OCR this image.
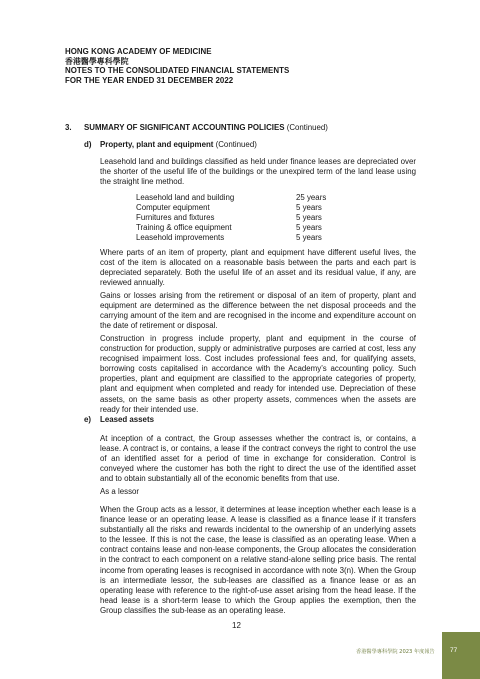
HONG KONG ACADEMY OF MEDICINE
香港醫學專科學院
NOTES TO THE CONSOLIDATED FINANCIAL STATEMENTS
FOR THE YEAR ENDED 31 DECEMBER 2022
3. SUMMARY OF SIGNIFICANT ACCOUNTING POLICIES (Continued)
d) Property, plant and equipment (Continued)
Leasehold land and buildings classified as held under finance leases are depreciated over the shorter of the useful life of the buildings or the unexpired term of the land lease using the straight line method.
Leasehold land and building	25 years
Computer equipment	5 years
Furnitures and fixtures	5 years
Training & office equipment	5 years
Leasehold improvements	5 years
Where parts of an item of property, plant and equipment have different useful lives, the cost of the item is allocated on a reasonable basis between the parts and each part is depreciated separately. Both the useful life of an asset and its residual value, if any, are reviewed annually.
Gains or losses arising from the retirement or disposal of an item of property, plant and equipment are determined as the difference between the net disposal proceeds and the carrying amount of the item and are recognised in the income and expenditure account on the date of retirement or disposal.
Construction in progress include property, plant and equipment in the course of construction for production, supply or administrative purposes are carried at cost, less any recognised impairment loss. Cost includes professional fees and, for qualifying assets, borrowing costs capitalised in accordance with the Academy’s accounting policy. Such properties, plant and equipment are classified to the appropriate categories of property, plant and equipment when completed and ready for intended use. Depreciation of these assets, on the same basis as other property assets, commences when the assets are ready for their intended use.
e) Leased assets
At inception of a contract, the Group assesses whether the contract is, or contains, a lease. A contract is, or contains, a lease if the contract conveys the right to control the use of an identified asset for a period of time in exchange for consideration. Control is conveyed where the customer has both the right to direct the use of the identified asset and to obtain substantially all of the economic benefits from that use.
As a lessor
When the Group acts as a lessor, it determines at lease inception whether each lease is a finance lease or an operating lease. A lease is classified as a finance lease if it transfers substantially all the risks and rewards incidental to the ownership of an underlying assets to the lessee. If this is not the case, the lease is classified as an operating lease. When a contract contains lease and non-lease components, the Group allocates the consideration in the contract to each component on a relative stand-alone selling price basis. The rental income from operating leases is recognised in accordance with note 3(n). When the Group is an intermediate lessor, the sub-leases are classified as a finance lease or as an operating lease with reference to the right-of-use asset arising from the head lease. If the head lease is a short-term lease to which the Group applies the exemption, then the Group classifies the sub-lease as an operating lease.
12
香港醫學專科學院 2023 年度報告 77
